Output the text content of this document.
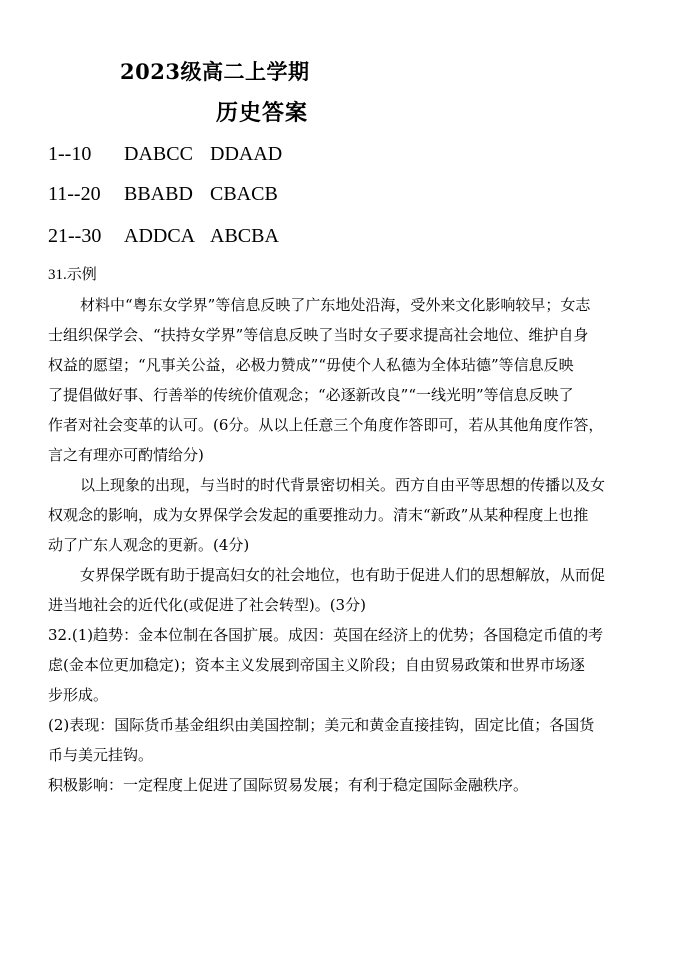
2023级高二上学期
历史答案
1--10 DABCC DDAAD
11--20 BBABD CBACB
21--30 ADDCA ABCBA
31.示例
材料中“粤东女学界”等信息反映了广东地处沿海，受外来文化影响较早；女志
士组织保学会、“扶持女学界”等信息反映了当时女子要求提高社会地位、维护自身
权益的愿望；“凡事关公益，必极力赞成”“毋使个人私德为全体玷德”等信息反映
了提倡做好事、行善举的传统价值观念；“必逐新改良”“一线光明”等信息反映了
作者对社会变革的认可。(6分。从以上任意三个角度作答即可，若从其他角度作答，
言之有理亦可酌情给分)
以上现象的出现，与当时的时代背景密切相关。西方自由平等思想的传播以及女
权观念的影响，成为女界保学会发起的重要推动力。清末“新政”从某种程度上也推
动了广东人观念的更新。(4分)
女界保学既有助于提高妇女的社会地位，也有助于促进人们的思想解放，从而促
进当地社会的近代化(或促进了社会转型)。(3分)
32.(1)趋势：金本位制在各国扩展。成因：英国在经济上的优势；各国稳定币值的考
虑(金本位更加稳定)；资本主义发展到帝国主义阶段；自由贸易政策和世界市场逐
步形成。
(2)表现：国际货币基金组织由美国控制；美元和黄金直接挂钩，固定比值；各国货
币与美元挂钩。
积极影响：一定程度上促进了国际贸易发展；有利于稳定国际金融秩序。
